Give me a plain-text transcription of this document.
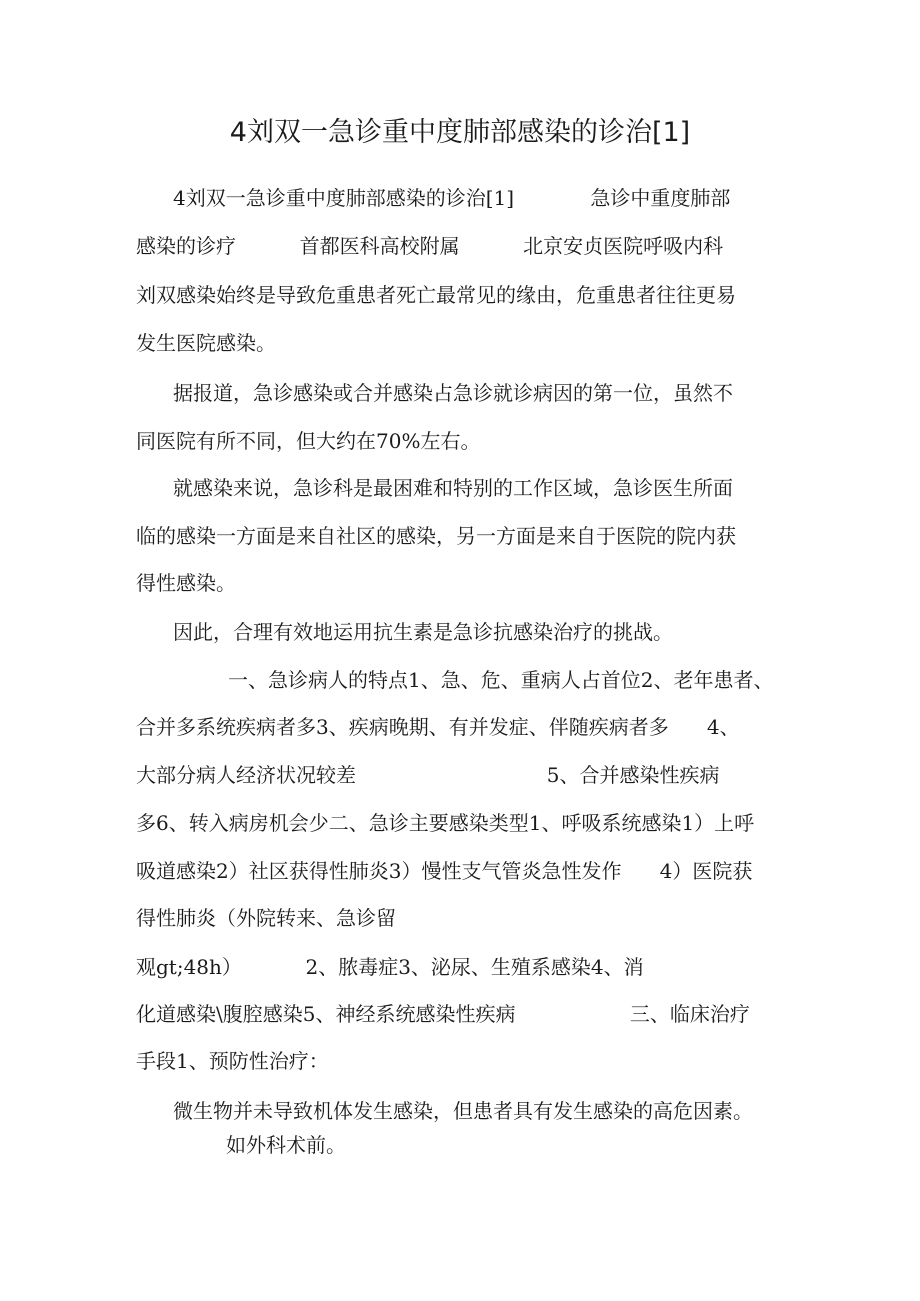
4刘双一急诊重中度肺部感染的诊治[1]
4刘双一急诊重中度肺部感染的诊治[1]            急诊中重度肺部
感染的诊疗          首都医科高校附属          北京安贞医院呼吸内科
刘双感染始终是导致危重患者死亡最常见的缘由，危重患者往往更易
发生医院感染。
据报道，急诊感染或合并感染占急诊就诊病因的第一位，虽然不
同医院有所不同，但大约在70%左右。
就感染来说，急诊科是最困难和特别的工作区域，急诊医生所面
临的感染一方面是来自社区的感染，另一方面是来自于医院的院内获
得性感染。
因此，合理有效地运用抗生素是急诊抗感染治疗的挑战。
一、急诊病人的特点1、急、危、重病人占首位2、老年患者、
合并多系统疾病者多3、疾病晚期、有并发症、伴随疾病者多      4、
大部分病人经济状况较差                              5、合并感染性疾病
多6、转入病房机会少二、急诊主要感染类型1、呼吸系统感染1）上呼
吸道感染2）社区获得性肺炎3）慢性支气管炎急性发作      4）医院获
得性肺炎（外院转来、急诊留
观gt;48h）          2、脓毒症3、泌尿、生殖系感染4、消
化道感染\腹腔感染5、神经系统感染性疾病                  三、临床治疗
手段1、预防性治疗：
微生物并未导致机体发生感染，但患者具有发生感染的高危因素。
如外科术前。
